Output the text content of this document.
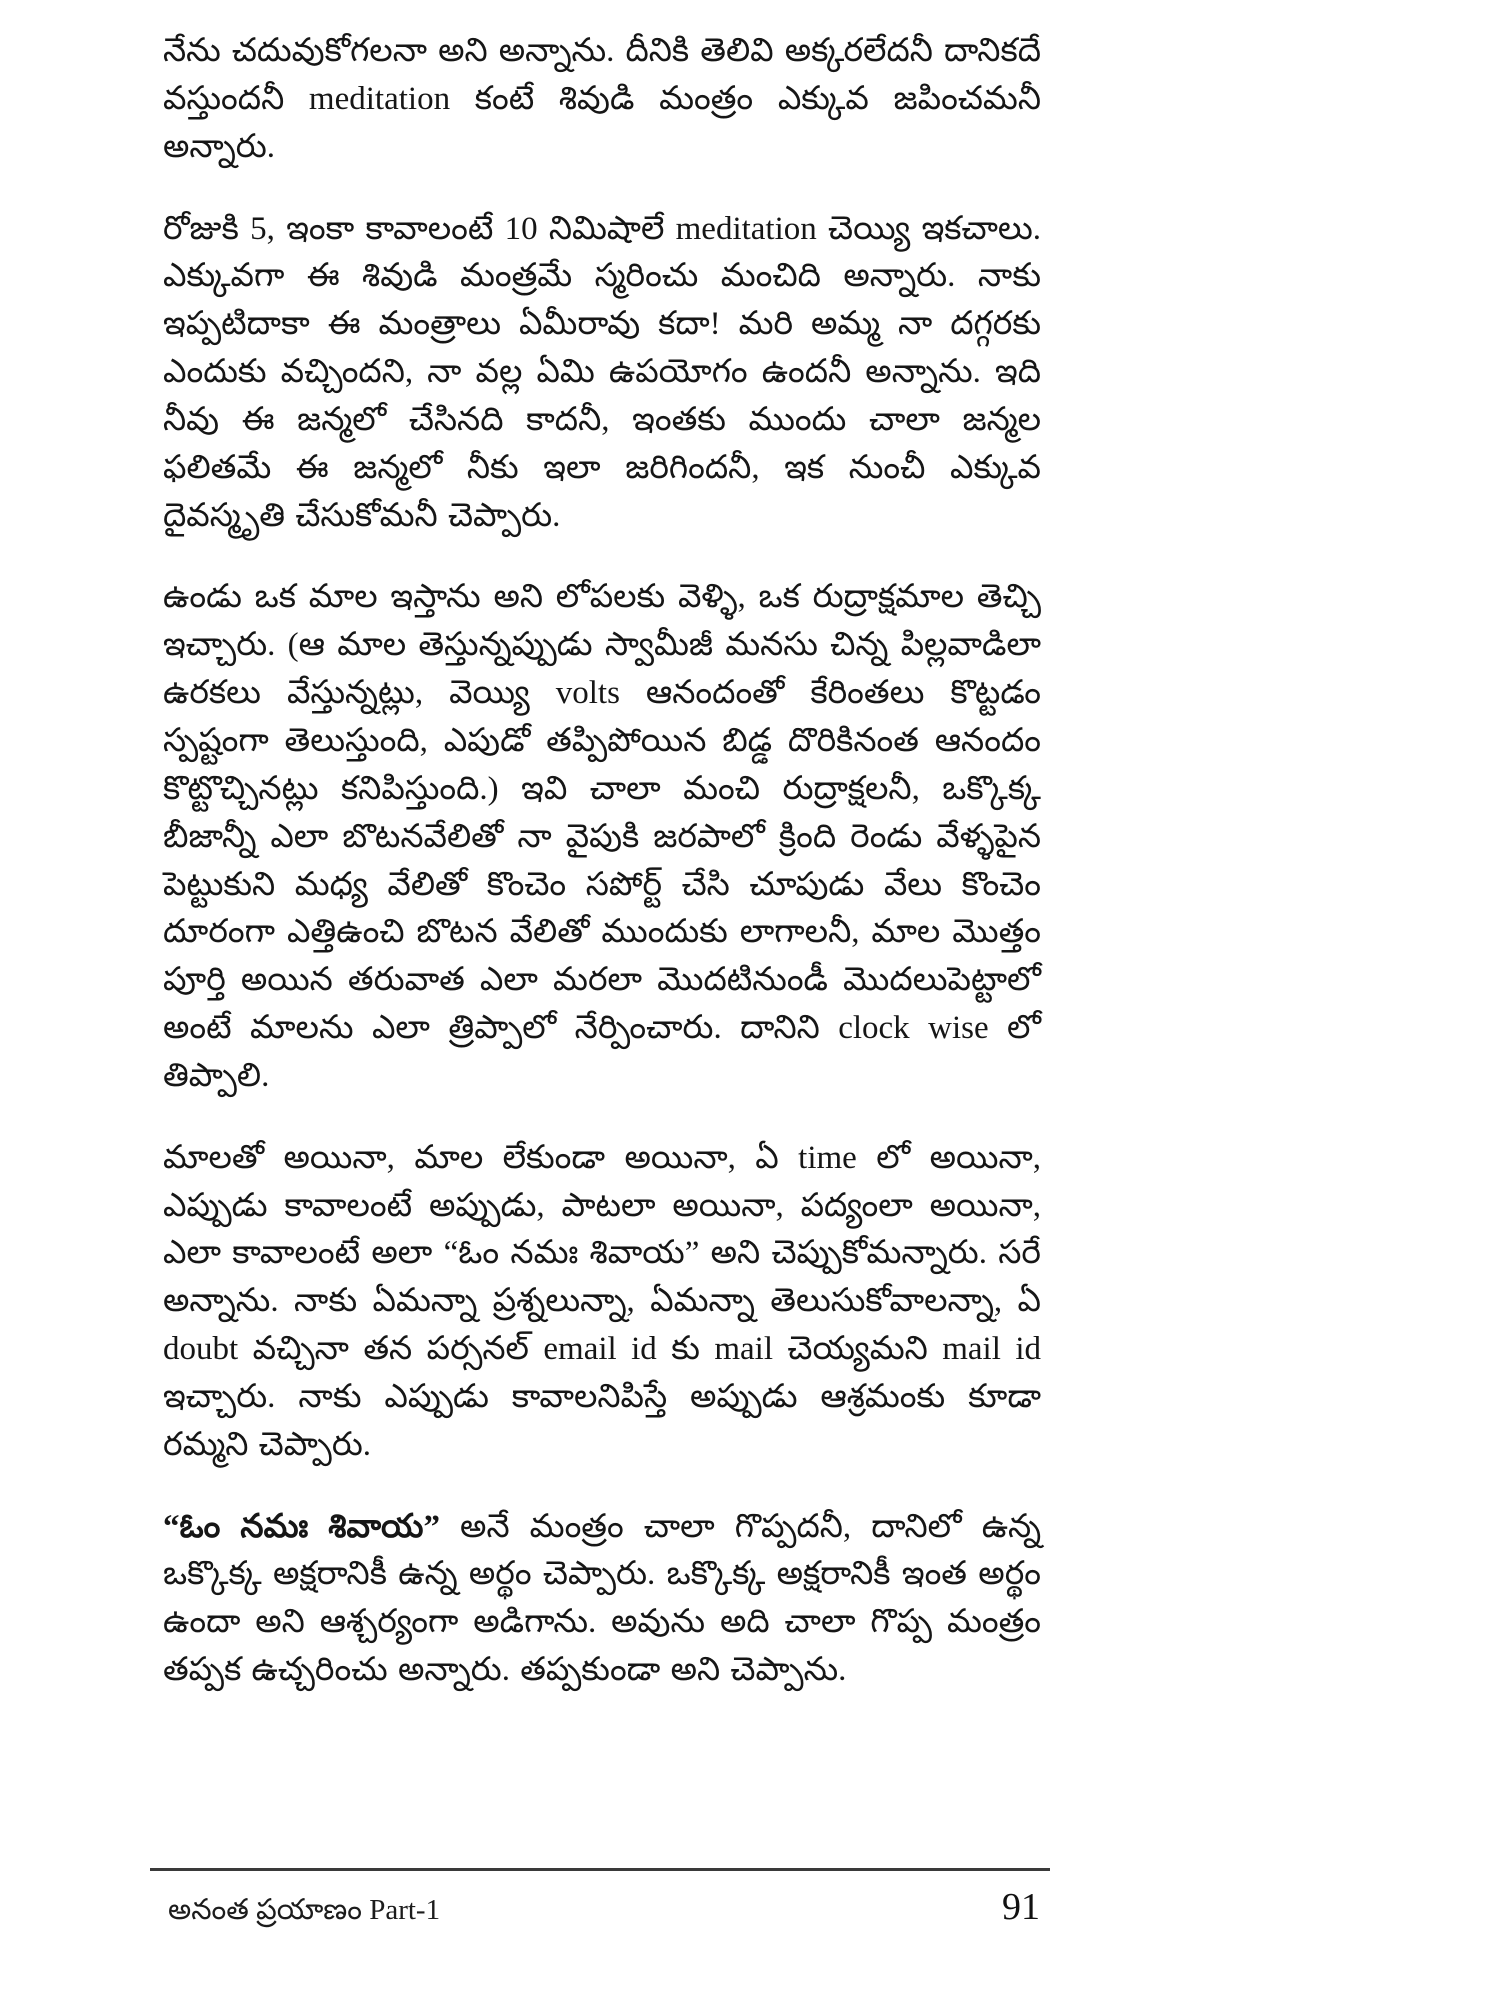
నేను చదువుకోగలనా అని అన్నాను. దీనికి తెలివి అక్కరలేదనీ దానికదే వస్తుందనీ meditation కంటే శివుడి మంత్రం ఎక్కువ జపించమనీ అన్నారు.

రోజుకి 5, ఇంకా కావాలంటే 10 నిమిషాలే meditation చెయ్యి ఇకచాలు. ఎక్కువగా ఈ శివుడి మంత్రమే స్మరించు మంచిది అన్నారు. నాకు ఇప్పటిదాకా ఈ మంత్రాలు ఏమీరావు కదా! మరి అమ్మ నా దగ్గరకు ఎందుకు వచ్చిందని, నా వల్ల ఏమి ఉపయోగం ఉందనీ అన్నాను. ఇది నీవు ఈ జన్మలో చేసినది కాదనీ, ఇంతకు ముందు చాలా జన్మల ఫలితమే ఈ జన్మలో నీకు ఇలా జరిగిందనీ, ఇక నుంచీ ఎక్కువ దైవస్మృతి చేసుకోమనీ చెప్పారు.

ఉండు ఒక మాల ఇస్తాను అని లోపలకు వెళ్ళి, ఒక రుద్రాక్షమాల తెచ్చి ఇచ్చారు. (ఆ మాల తెస్తున్నప్పుడు స్వామీజీ మనసు చిన్న పిల్లవాడిలా ఉరకలు వేస్తున్నట్లు, వెయ్యి volts ఆనందంతో కేరింతలు కొట్టడం స్పష్టంగా తెలుస్తుంది, ఎపుడో తప్పిపోయిన బిడ్డ దొరికినంత ఆనందం కొట్టొచ్చినట్లు కనిపిస్తుంది.) ఇవి చాలా మంచి రుద్రాక్షలనీ, ఒక్కొక్క బీజాన్నీ ఎలా బొటనవేలితో నా వైపుకి జరపాలో క్రింది రెండు వేళ్ళపైన పెట్టుకుని మధ్య వేలితో కొంచెం సపోర్ట్ చేసి చూపుడు వేలు కొంచెం దూరంగా ఎత్తిఉంచి బొటన వేలితో ముందుకు లాగాలనీ, మాల మొత్తం పూర్తి అయిన తరువాత ఎలా మరలా మొదటినుండీ మొదలుపెట్టాలో అంటే మాలను ఎలా త్రిప్పాలో నేర్పించారు. దానిని clock wise లో తిప్పాలి.

మాలతో అయినా, మాల లేకుండా అయినా, ఏ time లో అయినా, ఎప్పుడు కావాలంటే అప్పుడు, పాటలా అయినా, పద్యంలా అయినా, ఎలా కావాలంటే అలా “ఓం నమః శివాయ” అని చెప్పుకోమన్నారు. సరే అన్నాను. నాకు ఏమన్నా ప్రశ్నలున్నా, ఏమన్నా తెలుసుకోవాలన్నా, ఏ doubt వచ్చినా తన పర్సనల్ email id కు mail చెయ్యమని mail id ఇచ్చారు. నాకు ఎప్పుడు కావాలనిపిస్తే అప్పుడు ఆశ్రమంకు కూడా రమ్మని చెప్పారు.

“ఓం నమః శివాయ” అనే మంత్రం చాలా గొప్పదనీ, దానిలో ఉన్న ఒక్కొక్క అక్షరానికీ ఉన్న అర్థం చెప్పారు. ఒక్కొక్క అక్షరానికీ ఇంత అర్థం ఉందా అని ఆశ్చర్యంగా అడిగాను. అవును అది చాలా గొప్ప మంత్రం తప్పక ఉచ్చరించు అన్నారు. తప్పకుండా అని చెప్పాను.

అనంత ప్రయాణం Part-1	91
